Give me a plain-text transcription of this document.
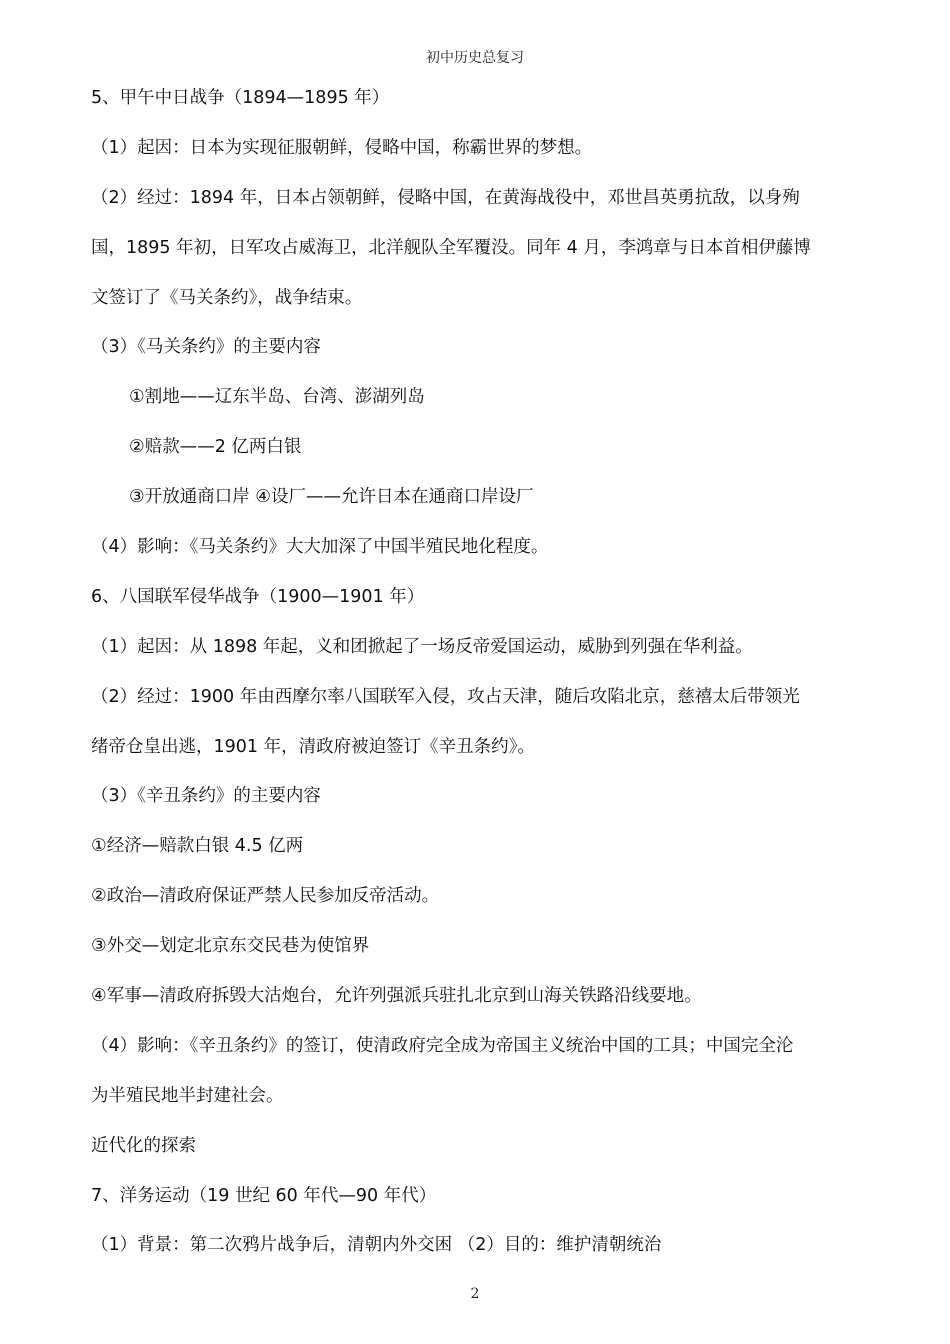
初中历史总复习
5、甲午中日战争（1894—1895 年）
（1）起因：日本为实现征服朝鲜，侵略中国，称霸世界的梦想。
（2）经过：1894 年，日本占领朝鲜，侵略中国，在黄海战役中，邓世昌英勇抗敌，以身殉
国，1895 年初，日军攻占威海卫，北洋舰队全军覆没。同年 4 月，李鸿章与日本首相伊藤博
文签订了《马关条约》，战争结束。
（3）《马关条约》的主要内容
①割地——辽东半岛、台湾、澎湖列岛
②赔款——2 亿两白银
③开放通商口岸 ④设厂——允许日本在通商口岸设厂
（4）影响：《马关条约》大大加深了中国半殖民地化程度。
6、八国联军侵华战争（1900—1901 年）
（1）起因：从 1898 年起，义和团掀起了一场反帝爱国运动，威胁到列强在华利益。
（2）经过：1900 年由西摩尔率八国联军入侵，攻占天津，随后攻陷北京，慈禧太后带领光
绪帝仓皇出逃，1901 年，清政府被迫签订《辛丑条约》。
（3）《辛丑条约》的主要内容
①经济—赔款白银 4.5 亿两
②政治—清政府保证严禁人民参加反帝活动。
③外交—划定北京东交民巷为使馆界
④军事—清政府拆毁大沽炮台，允许列强派兵驻扎北京到山海关铁路沿线要地。
（4）影响：《辛丑条约》的签订，使清政府完全成为帝国主义统治中国的工具；中国完全沦
为半殖民地半封建社会。
近代化的探索
7、洋务运动（19 世纪 60 年代—90 年代）
（1）背景：第二次鸦片战争后，清朝内外交困 （2）目的：维护清朝统治
2
